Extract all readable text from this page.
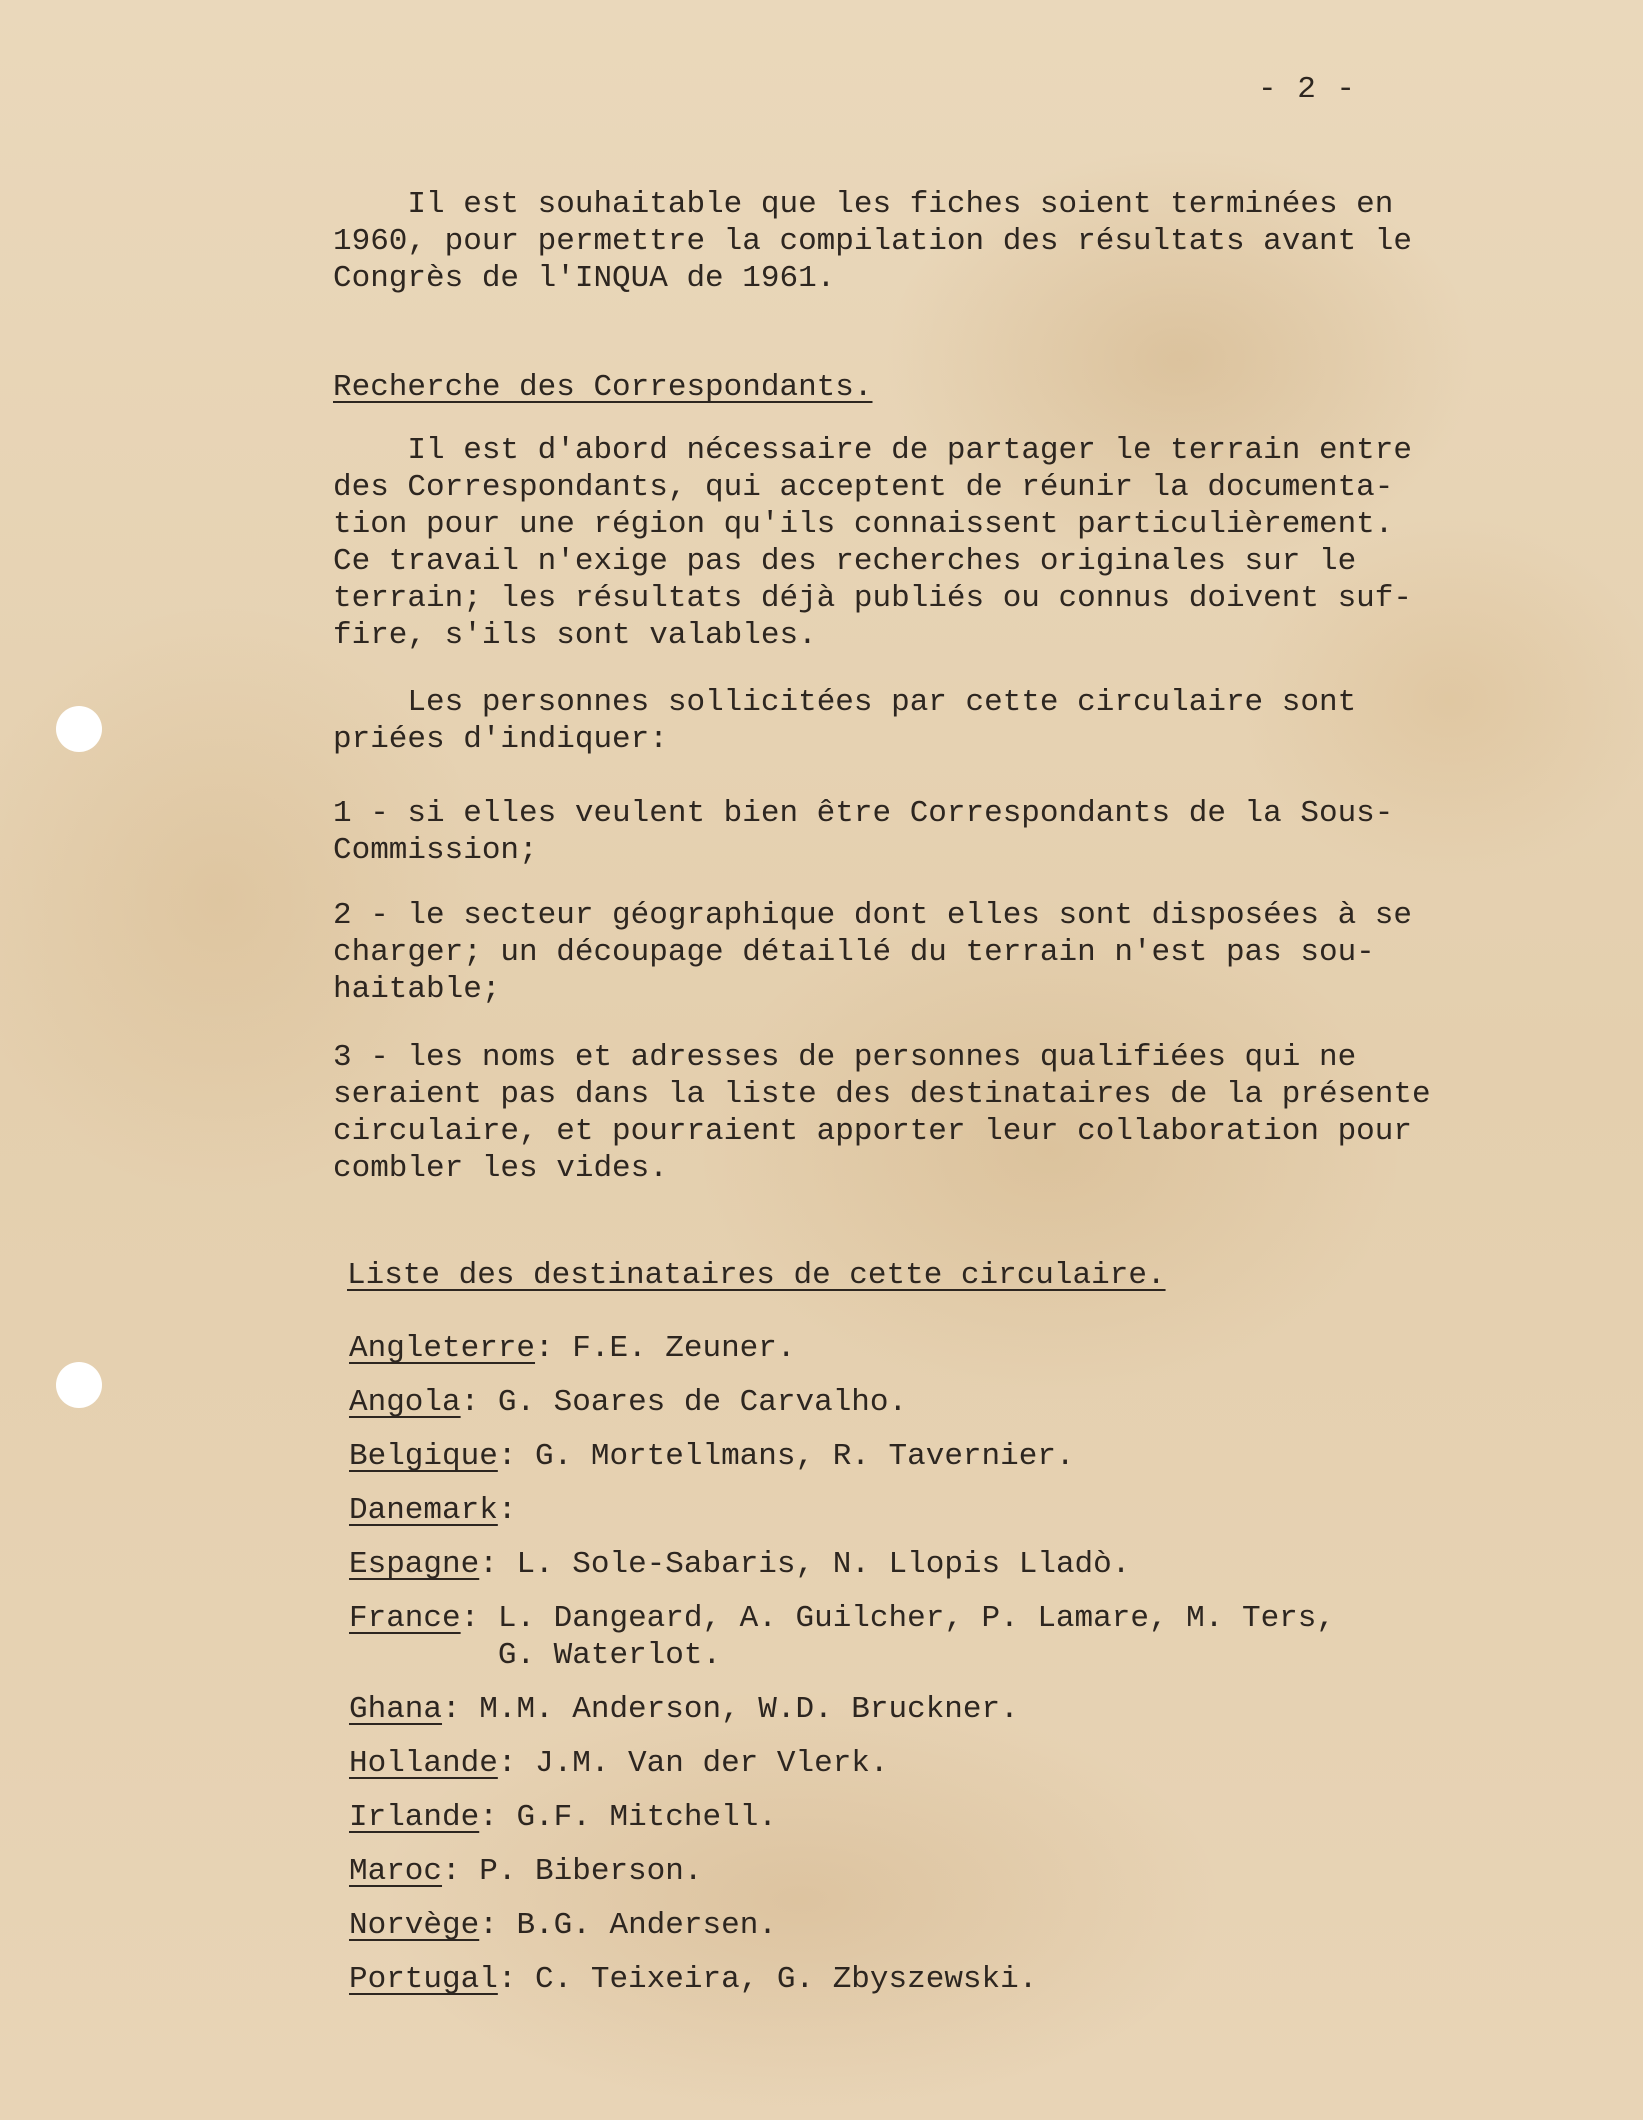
- 2 -
Il est souhaitable que les fiches soient terminées en
1960, pour permettre la compilation des résultats avant le
Congrès de l'INQUA de 1961.
Recherche des Correspondants.
Il est d'abord nécessaire de partager le terrain entre
des Correspondants, qui acceptent de réunir la documenta-
tion pour une région qu'ils connaissent particulièrement.
Ce travail n'exige pas des recherches originales sur le
terrain; les résultats déjà publiés ou connus doivent suf-
fire, s'ils sont valables.
Les personnes sollicitées par cette circulaire sont
priées d'indiquer:
1 - si elles veulent bien être Correspondants de la Sous-
Commission;
2 - le secteur géographique dont elles sont disposées à se
charger; un découpage détaillé du terrain n'est pas sou-
haitable;
3 - les noms et adresses de personnes qualifiées qui ne
seraient pas dans la liste des destinataires de la présente
circulaire, et pourraient apporter leur collaboration pour
combler les vides.
Liste des destinataires de cette circulaire.
Angleterre : F.E. Zeuner.
Angola : G. Soares de Carvalho.
Belgique : G. Mortellmans, R. Tavernier.
Danemark :
Espagne : L. Sole-Sabaris, N. Llopis Lladò.
France : L. Dangeard, A. Guilcher, P. Lamare, M. Ters,
G. Waterlot.
Ghana : M.M. Anderson, W.D. Bruckner.
Hollande : J.M. Van der Vlerk.
Irlande : G.F. Mitchell.
Maroc : P. Biberson.
Norvège : B.G. Andersen.
Portugal : C. Teixeira, G. Zbyszewski.
